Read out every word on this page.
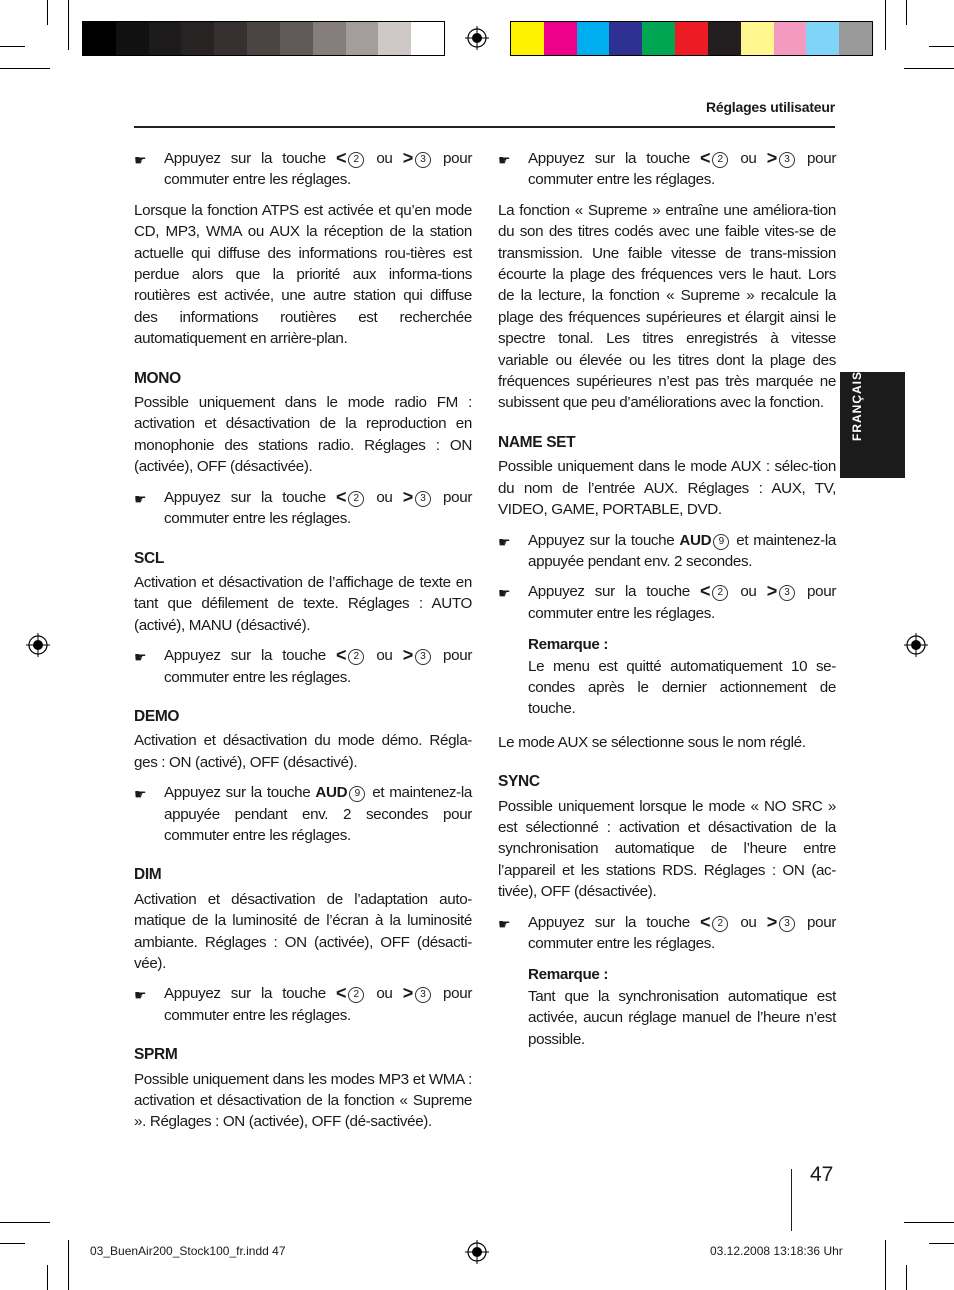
Réglages utilisateur
FRANÇAIS
☛ Appuyez sur la touche < 2 ou > 3 pour commuter entre les réglages.

Lorsque la fonction ATPS est activée et qu’en mode CD, MP3, WMA ou AUX la réception de la station actuelle qui diffuse des informations rou-tières est perdue alors que la priorité aux informa-tions routières est activée, une autre station qui diffuse des informations routières est recherchée automatiquement en arrière-plan.

MONO

Possible uniquement dans le mode radio FM : activation et désactivation de la reproduction en monophonie des stations radio. Réglages : ON (activée), OFF (désactivée).

☛ Appuyez sur la touche < 2 ou > 3 pour commuter entre les réglages.
SCL

Activation et désactivation de l’affichage de texte en tant que défilement de texte. Réglages : AUTO (activé), MANU (désactivé).

☛ Appuyez sur la touche < 2 ou > 3 pour commuter entre les réglages.
DEMO

Activation et désactivation du mode démo. Régla-ges : ON (activé), OFF (désactivé).

☛ Appuyez sur la touche AUD 9 et maintenez-la appuyée pendant env. 2 secondes pour commuter entre les réglages.
DIM

Activation et désactivation de l’adaptation auto-matique de la luminosité de l’écran à la luminosité ambiante. Réglages : ON (activée), OFF (désacti-vée).

☛ Appuyez sur la touche < 2 ou > 3 pour commuter entre les réglages.
SPRM

Possible uniquement dans les modes MP3 et WMA : activation et désactivation de la fonction « Supreme ». Réglages : ON (activée), OFF (dé-sactivée).

☛ Appuyez sur la touche < 2 ou > 3 pour commuter entre les réglages.

La fonction « Supreme » entraîne une améliora-tion du son des titres codés avec une faible vites-se de transmission. Une faible vitesse de trans-mission écourte la plage des fréquences vers le haut. Lors de la lecture, la fonction « Supreme » recalcule la plage des fréquences supérieures et élargit ainsi le spectre tonal. Les titres enregistrés à vitesse variable ou élevée ou les titres dont la plage des fréquences supérieures n’est pas très marquée ne subissent que peu d’améliorations avec la fonction.

NAME SET

Possible uniquement dans le mode AUX : sélec-tion du nom de l’entrée AUX. Réglages : AUX, TV, VIDEO, GAME, PORTABLE, DVD.

☛ Appuyez sur la touche AUD 9 et maintenez-la appuyée pendant env. 2 secondes.
☛ Appuyez sur la touche < 2 ou > 3 pour commuter entre les réglages.
Remarque :
Le menu est quitté automatiquement 10 se-condes après le dernier actionnement de touche.

Le mode AUX se sélectionne sous le nom réglé.

SYNC

Possible uniquement lorsque le mode « NO SRC » est sélectionné : activation et désactivation de la synchronisation automatique de l’heure entre l’appareil et les stations RDS. Réglages : ON (ac-tivée), OFF (désactivée).

☛ Appuyez sur la touche < 2 ou > 3 pour commuter entre les réglages.
Remarque :
Tant que la synchronisation automatique est activée, aucun réglage manuel de l’heure n’est possible.
47
03_BuenAir200_Stock100_fr.indd 47	03.12.2008 13:18:36 Uhr
